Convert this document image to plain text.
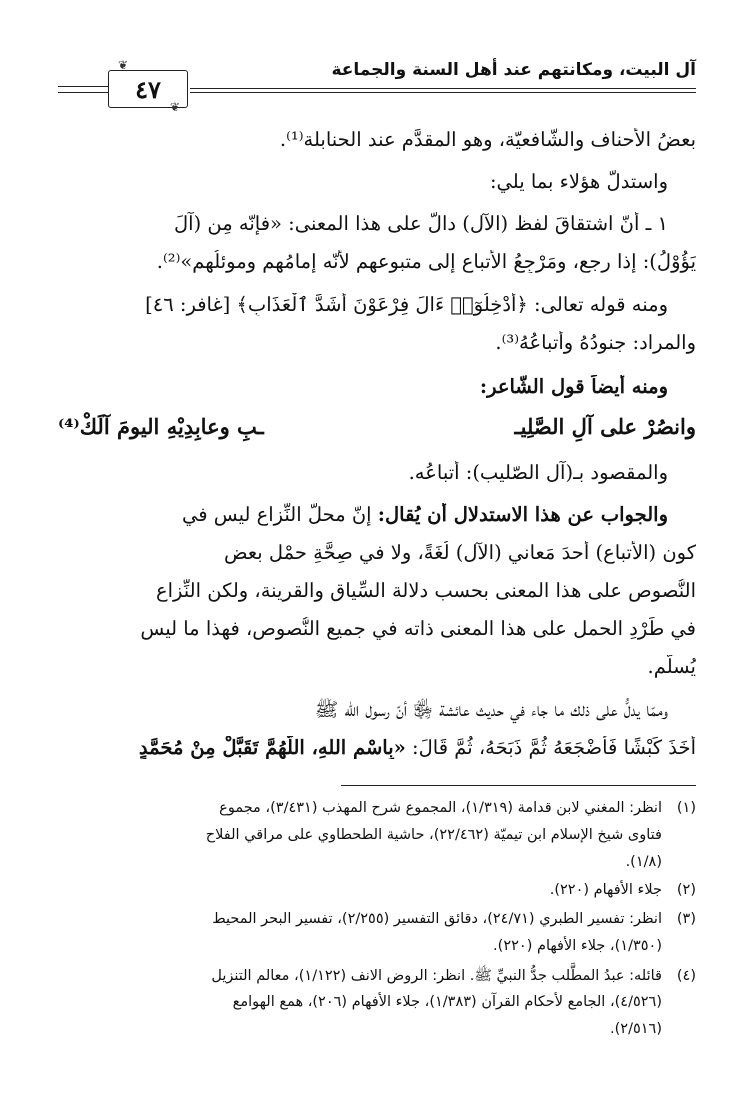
آل البيت، ومكانتهم عند أهل السنة والجماعة
٤٧
❦
❦
بعضُ الأحناف والشّافعيّة، وهو المقدَّم عند الحنابلة⁽¹⁾.
واستدلّ هؤلاء بما يلي:
١ ـ أنّ اشتقاقَ لفظ (الآل) دالٌّ على هذا المعنى: «فإنّه مِن (آلَ
يَؤُوْلُ): إذا رجع، ومَرْجِعُ الأتباع إلى متبوعهم لأنّه إمامُهم وموئلُهم»⁽²⁾.
ومنه قوله تعالى: ﴿أَدْخِلُوٓا۟ ءَالَ فِرْعَوْنَ أَشَدَّ ٱلْعَذَابِ﴾ [غافر: ٤٦]
والمراد: جنودُهُ وأتباعُهُ⁽³⁾.
ومنه أيضاً قول الشّاعر:
وانصُرْ على آلِ الصَّلِيـ
ـبِ وعابِدِيْهِ اليومَ آلَكْ⁽⁴⁾
والمقصود بـ(آل الصّليب): أتباعُه.
والجواب عن هذا الاستدلال أن يُقال: إنّ محلَّ النِّزاع ليس في
كون (الأتباع) أحدَ مَعاني (الآل) لُغَةً، ولا في صِحَّةِ حمْلِ بعض
النُّصوص على هذا المعنى بحسب دلالة السِّياق والقرينة، ولكن النِّزاع
في طَرْدِ الحمل على هذا المعنى ذاته في جميع النُّصوص، فهذا ما ليس
يُسلَّم.
وممّا يدلُّ على ذلك ما جاء في حديث عائشة ﵂ أنّ رسول الله ﷺ
أَخَذَ كَبْشًا فَأَضْجَعَهُ ثُمَّ ذَبَحَهُ، ثُمَّ قَالَ: «بِاسْمِ اللهِ، اللَّهُمَّ تَقَبَّلْ مِنْ مُحَمَّدٍ
(١)انظر: المغني لابن قدامة (١/٣١٩)، المجموع شرح المهذب (٣/٤٣١)، مجموع
فتاوى شيخ الإسلام ابن تيميّة (٢٢/٤٦٢)، حاشية الطحطاوي على مراقي الفلاح
(١/٨).
(٢)جلاء الأفهام (٢٢٠).
(٣)انظر: تفسير الطبري (٢٤/٧١)، دقائق التفسير (٢/٢٥٥)، تفسير البحر المحيط
(١/٣٥٠)، جلاء الأفهام (٢٢٠).
(٤)قائله: عبدُ المطَّلب جدُّ النبيِّ ﷺ. انظر: الروض الانف (١/١٢٢)، معالم التنزيل
(٤/٥٢٦)، الجامع لأحكام القرآن (١/٣٨٣)، جلاء الأفهام (٢٠٦)، همع الهوامع
(٢/٥١٦).
